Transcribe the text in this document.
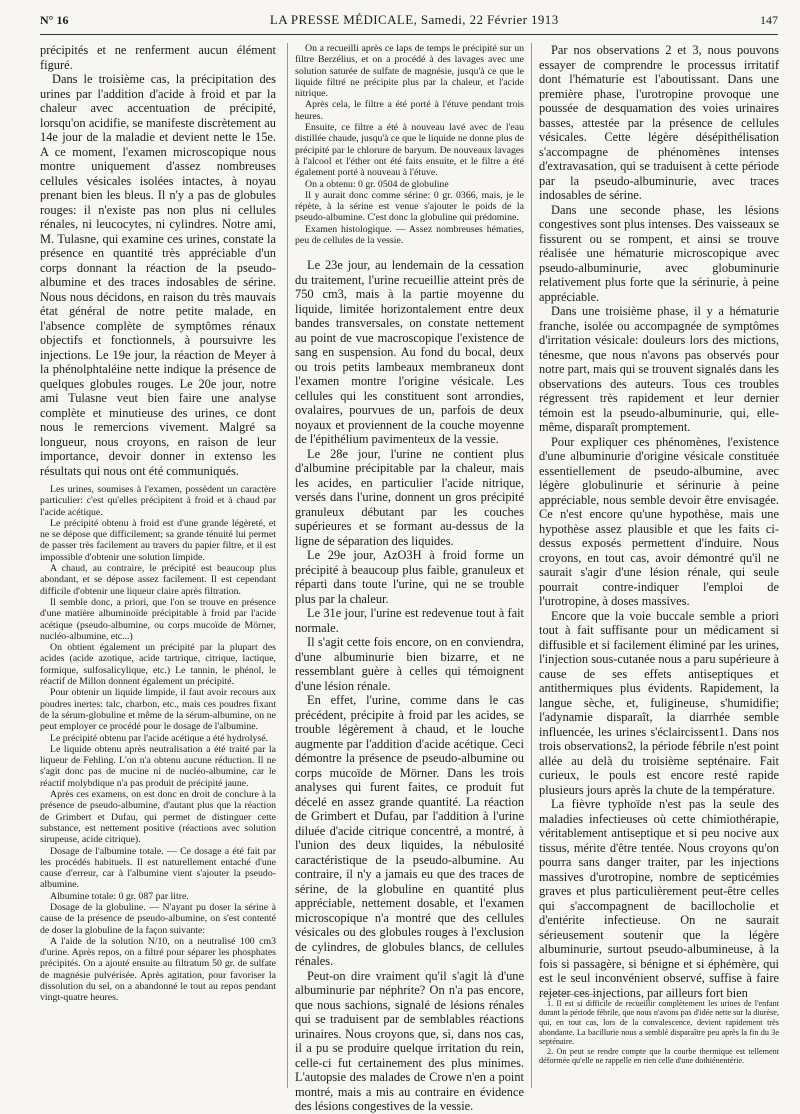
N° 16	LA PRESSE MÉDICALE, Samedi, 22 Février 1913	147

précipités et ne renferment aucun élément figuré.

Dans le troisième cas, la précipitation des urines par l'addition d'acide à froid et par la chaleur avec accentuation de précipité, lorsqu'on acidifie, se manifeste discrètement au 14e jour de la maladie et devient nette le 15e. A ce moment, l'examen microscopique nous montre uniquement d'assez nombreuses cellules vésicales isolées intactes, à noyau prenant bien les bleus. Il n'y a pas de globules rouges: il n'existe pas non plus ni cellules rénales, ni leucocytes, ni cylindres. Notre ami, M. Tulasne, qui examine ces urines, constate la présence en quantité très appréciable d'un corps donnant la réaction de la pseudo-albumine et des traces indosables de sérine. Nous nous décidons, en raison du très mauvais état général de notre petite malade, en l'absence complète de symptômes rénaux objectifs et fonctionnels, à poursuivre les injections. Le 19e jour, la réaction de Meyer à la phénolphtaléine nette indique la présence de quelques globules rouges. Le 20e jour, notre ami Tulasne veut bien faire une analyse complète et minutieuse des urines, ce dont nous le remercions vivement. Malgré sa longueur, nous croyons, en raison de leur importance, devoir donner in extenso les résultats qui nous ont été communiqués.

Les urines, soumises à l'examen, possèdent un caractère particulier: c'est qu'elles précipitent à froid et à chaud par l'acide acétique.

Le précipité obtenu à froid est d'une grande légèreté, et ne se dépose que difficilement; sa grande ténuité lui permet de passer très facilement au travers du papier filtre, et il est impossible d'obtenir une solution limpide.

A chaud, au contraire, le précipité est beaucoup plus abondant, et se dépose assez facilement. Il est cependant difficile d'obtenir une liqueur claire après filtration.

Il semble donc, a priori, que l'on se trouve en présence d'une matière albuminoïde précipitable à froid par l'acide acétique (pseudo-albumine, ou corps mucoïde de Mörner, nucléo-albumine, etc...)

On obtient également un précipité par la plupart des acides (acide azotique, acide tartrique, citrique, lactique, formique, sulfosalicylique, etc.) Le tannin, le phénol, le réactif de Millon donnent également un précipité.

Pour obtenir un liquide limpide, il faut avoir recours aux poudres inertes: talc, charbon, etc., mais ces poudres fixant de la sérum-globuline et même de la sérum-albumine, on ne peut employer ce procédé pour le dosage de l'albumine.

Le précipité obtenu par l'acide acétique a été hydrolysé.

Le liquide obtenu après neutralisation a été traité par la liqueur de Fehling. L'on n'a obtenu aucune réduction. Il ne s'agit donc pas de mucine ni de nucléo-albumine, car le réactif molybdique n'a pas produit de précipité jaune.

Après ces examens, on est donc en droit de conclure à la présence de pseudo-albumine, d'autant plus que la réaction de Grimbert et Dufau, qui permet de distinguer cette substance, est nettement positive (réactions avec solution sirupeuse, acide citrique).

Dosage de l'albumine totale. — Ce dosage a été fait par les procédés habituels. Il est naturellement entaché d'une cause d'erreur, car à l'albumine vient s'ajouter la pseudo-albumine.

Albumine totale: 0 gr. 087 par litre.

Dosage de la globuline. — N'ayant pu doser la sérine à cause de la présence de pseudo-albumine, on s'est contenté de doser la globuline de la façon suivante:

A l'aide de la solution N/10, on a neutralisé 100 cm3 d'urine. Après repos, on a filtré pour séparer les phosphates précipités. On a ajouté ensuite au filtratum 50 gr. de sulfate de magnésie pulvérisée. Après agitation, pour favoriser la dissolution du sel, on a abandonné le tout au repos pendant vingt-quatre heures.

On a recueilli après ce laps de temps le précipité sur un filtre Berzélius, et on a procédé à des lavages avec une solution saturée de sulfate de magnésie, jusqu'à ce que le liquide filtré ne précipite plus par la chaleur, et l'acide nitrique.

Après cela, le filtre a été porté à l'étuve pendant trois heures.

Ensuite, ce filtre a été à nouveau lavé avec de l'eau distillée chaude, jusqu'à ce que le liquide ne donne plus de précipité par le chlorure de baryum. De nouveaux lavages à l'alcool et l'éther ont été faits ensuite, et le filtre a été également porté à nouveau à l'étuve.

On a obtenu: 0 gr. 0504 de globuline

Il y aurait donc comme sérine: 0 gr. 0366, mais, je le répète, à la sérine est venue s'ajouter le poids de la pseudo-albumine. C'est donc la globuline qui prédomine.

Examen histologique. — Assez nombreuses hématies, peu de cellules de la vessie.

Le 23e jour, au lendemain de la cessation du traitement, l'urine recueillie atteint près de 750 cm3, mais à la partie moyenne du liquide, limitée horizontalement entre deux bandes transversales, on constate nettement au point de vue macroscopique l'existence de sang en suspension. Au fond du bocal, deux ou trois petits lambeaux membraneux dont l'examen montre l'origine vésicale. Les cellules qui les constituent sont arrondies, ovalaires, pourvues de un, parfois de deux noyaux et proviennent de la couche moyenne de l'épithélium pavimenteux de la vessie.

Le 28e jour, l'urine ne contient plus d'albumine précipitable par la chaleur, mais les acides, en particulier l'acide nitrique, versés dans l'urine, donnent un gros précipité granuleux débutant par les couches supérieures et se formant au-dessus de la ligne de séparation des liquides.

Le 29e jour, AzO3H à froid forme un précipité à beaucoup plus faible, granuleux et réparti dans toute l'urine, qui ne se trouble plus par la chaleur.

Le 31e jour, l'urine est redevenue tout à fait normale.

Il s'agit cette fois encore, on en conviendra, d'une albuminurie bien bizarre, et ne ressemblant guère à celles qui témoignent d'une lésion rénale.

En effet, l'urine, comme dans le cas précédent, précipite à froid par les acides, se trouble légèrement à chaud, et le louche augmente par l'addition d'acide acétique. Ceci démontre la présence de pseudo-albumine ou corps mucoïde de Mörner. Dans les trois analyses qui furent faites, ce produit fut décelé en assez grande quantité. La réaction de Grimbert et Dufau, par l'addition à l'urine diluée d'acide citrique concentré, a montré, à l'union des deux liquides, la nébulosité caractéristique de la pseudo-albumine. Au contraire, il n'y a jamais eu que des traces de sérine, de la globuline en quantité plus appréciable, nettement dosable, et l'examen microscopique n'a montré que des cellules vésicales ou des globules rouges à l'exclusion de cylindres, de globules blancs, de cellules rénales.

Peut-on dire vraiment qu'il s'agit là d'une albuminurie par néphrite? On n'a pas encore, que nous sachions, signalé de lésions rénales qui se traduisent par de semblables réactions urinaires. Nous croyons que, si, dans nos cas, il a pu se produire quelque irritation du rein, celle-ci fut certainement des plus minimes. L'autopsie des malades de Crowe n'en a point montré, mais a mis au contraire en évidence des lésions congestives de la vessie.

Par nos observations 2 et 3, nous pouvons essayer de comprendre le processus irritatif dont l'hématurie est l'aboutissant. Dans une première phase, l'urotropine provoque une poussée de desquamation des voies urinaires basses, attestée par la présence de cellules vésicales. Cette légère désépithélisation s'accompagne de phénomènes intenses d'extravasation, qui se traduisent à cette période par la pseudo-albuminurie, avec traces indosables de sérine.

Dans une seconde phase, les lésions congestives sont plus intenses. Des vaisseaux se fissurent ou se rompent, et ainsi se trouve réalisée une hématurie microscopique avec pseudo-albuminurie, avec globuminurie relativement plus forte que la sérinurie, à peine appréciable.

Dans une troisième phase, il y a hématurie franche, isolée ou accompagnée de symptômes d'irritation vésicale: douleurs lors des mictions, ténesme, que nous n'avons pas observés pour notre part, mais qui se trouvent signalés dans les observations des auteurs. Tous ces troubles régressent très rapidement et leur dernier témoin est la pseudo-albuminurie, qui, elle-même, disparaît promptement.

Pour expliquer ces phénomènes, l'existence d'une albuminurie d'origine vésicale constituée essentiellement de pseudo-albumine, avec légère globulinurie et sérinurie à peine appréciable, nous semble devoir être envisagée. Ce n'est encore qu'une hypothèse, mais une hypothèse assez plausible et que les faits ci-dessus exposés permettent d'induire. Nous croyons, en tout cas, avoir démontré qu'il ne saurait s'agir d'une lésion rénale, qui seule pourrait contre-indiquer l'emploi de l'urotropine, à doses massives.

Encore que la voie buccale semble a priori tout à fait suffisante pour un médicament si diffusible et si facilement éliminé par les urines, l'injection sous-cutanée nous a paru supérieure à cause de ses effets antiseptiques et antithermiques plus évidents. Rapidement, la langue sèche, et, fuligineuse, s'humidifie; l'adynamie disparaît, la diarrhée semble influencée, les urines s'éclaircissent1. Dans nos trois observations2, la période fébrile n'est point allée au delà du troisième septénaire. Fait curieux, le pouls est encore resté rapide plusieurs jours après la chute de la température.

La fièvre typhoïde n'est pas la seule des maladies infectieuses où cette chimiothérapie, véritablement antiseptique et si peu nocive aux tissus, mérite d'être tentée. Nous croyons qu'on pourra sans danger traiter, par les injections massives d'urotropine, nombre de septicémies graves et plus particulièrement peut-être celles qui s'accompagnent de bacillocholie et d'entérite infectieuse. On ne saurait sérieusement soutenir que la légère albuminurie, surtout pseudo-albumineuse, à la fois si passagère, si bénigne et si éphémère, qui est le seul inconvénient observé, suffise à faire rejeter ces injections, par ailleurs fort bien

1. Il est si difficile de recueillir complètement les urines de l'enfant durant la période fébrile, que nous n'avons pas d'idée nette sur la diurèse, qui, en tout cas, lors de la convalescence, devient rapidement très abondante. La bacillurie nous a semblé disparaître peu après la fin du 3e septénaire.

2. On peut se rendre compte que la courbe thermique est tellement déformée qu'elle ne rappelle en rien celle d'une dothiénentérie.
